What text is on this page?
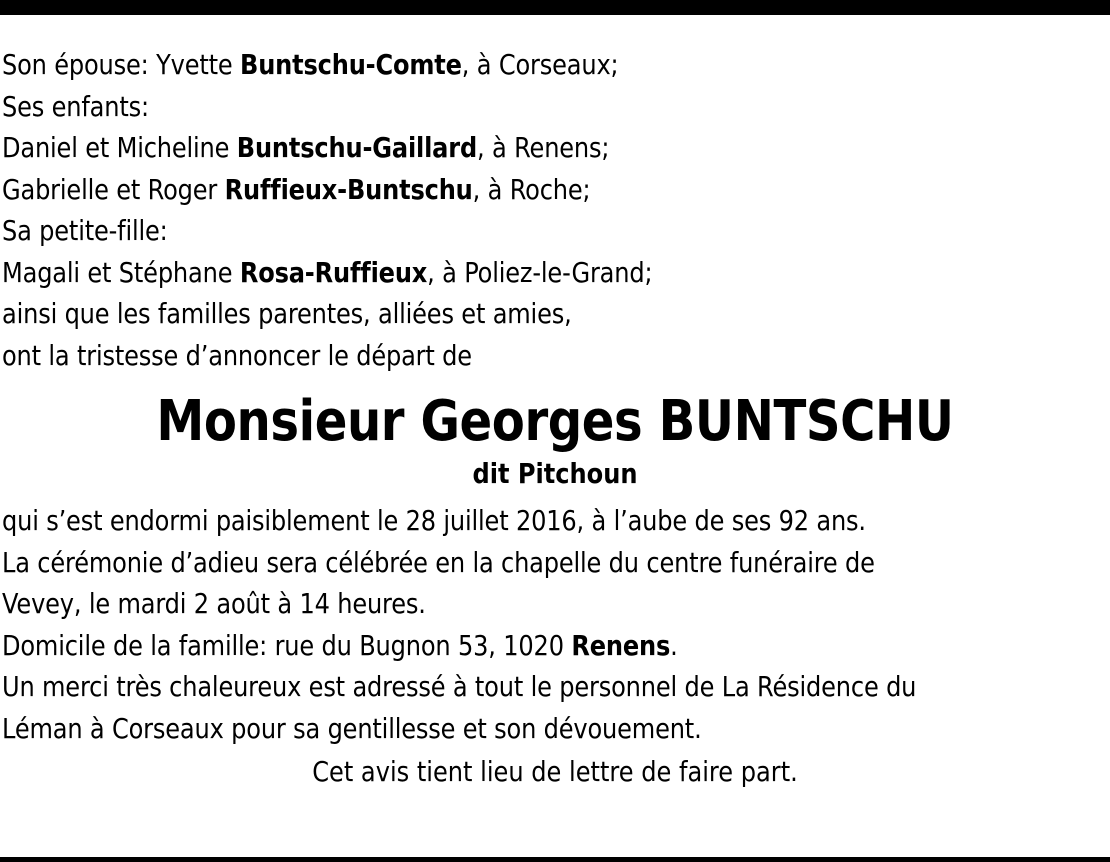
Son épouse: Yvette Buntschu-Comte, à Corseaux;
Ses enfants:
Daniel et Micheline Buntschu-Gaillard, à Renens;
Gabrielle et Roger Ruffieux-Buntschu, à Roche;
Sa petite-fille:
Magali et Stéphane Rosa-Ruffieux, à Poliez-le-Grand;
ainsi que les familles parentes, alliées et amies,
ont la tristesse d’annoncer le départ de
Monsieur Georges BUNTSCHU
dit Pitchoun
qui s’est endormi paisiblement le 28 juillet 2016, à l’aube de ses 92 ans.
La cérémonie d’adieu sera célébrée en la chapelle du centre funéraire de
Vevey, le mardi 2 août à 14 heures.
Domicile de la famille: rue du Bugnon 53, 1020 Renens.
Un merci très chaleureux est adressé à tout le personnel de La Résidence du
Léman à Corseaux pour sa gentillesse et son dévouement.
Cet avis tient lieu de lettre de faire part.
